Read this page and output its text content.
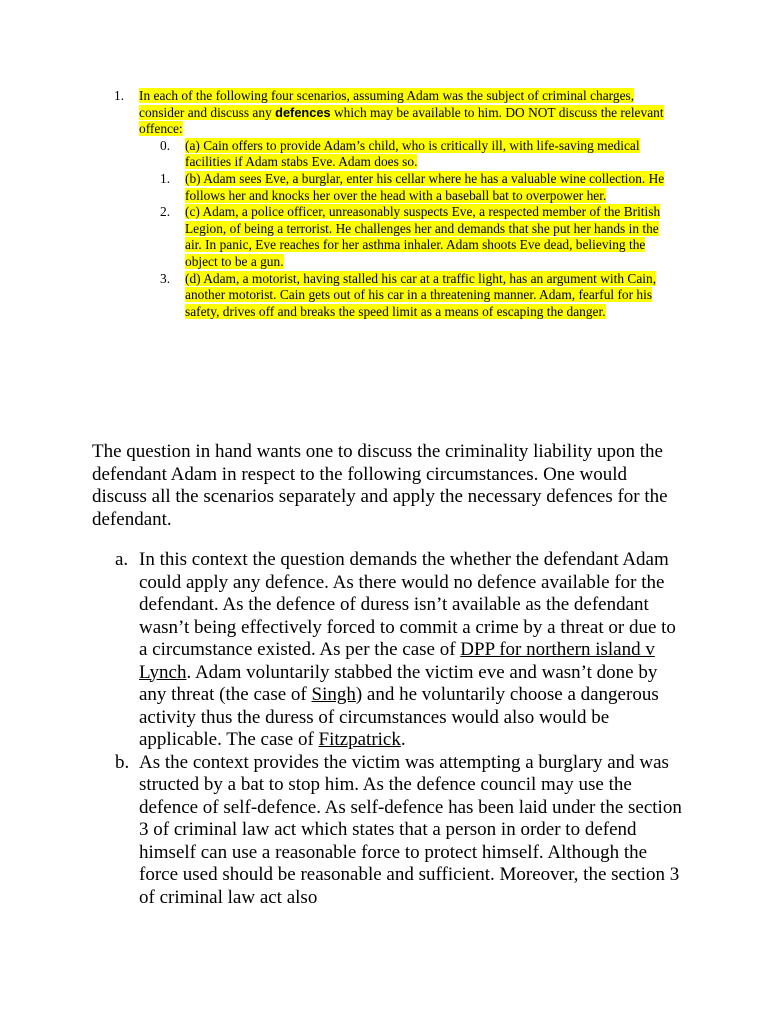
1. In each of the following four scenarios, assuming Adam was the subject of criminal charges, consider and discuss any defences which may be available to him. DO NOT discuss the relevant offence:
0. (a) Cain offers to provide Adam’s child, who is critically ill, with life-saving medical facilities if Adam stabs Eve. Adam does so.
1. (b) Adam sees Eve, a burglar, enter his cellar where he has a valuable wine collection. He follows her and knocks her over the head with a baseball bat to overpower her.
2. (c) Adam, a police officer, unreasonably suspects Eve, a respected member of the British Legion, of being a terrorist. He challenges her and demands that she put her hands in the air. In panic, Eve reaches for her asthma inhaler. Adam shoots Eve dead, believing the object to be a gun.
3. (d) Adam, a motorist, having stalled his car at a traffic light, has an argument with Cain, another motorist. Cain gets out of his car in a threatening manner. Adam, fearful for his safety, drives off and breaks the speed limit as a means of escaping the danger.

The question in hand wants one to discuss the criminality liability upon the defendant Adam in respect to the following circumstances. One would discuss all the scenarios separately and apply the necessary defences for the defendant.

a. In this context the question demands the whether the defendant Adam could apply any defence. As there would no defence available for the defendant. As the defence of duress isn’t available as the defendant wasn’t being effectively forced to commit a crime by a threat or due to a circumstance existed. As per the case of DPP for northern island v Lynch. Adam voluntarily stabbed the victim eve and wasn’t done by any threat (the case of Singh) and he voluntarily choose a dangerous activity thus the duress of circumstances would also would be applicable. The case of Fitzpatrick.
b. As the context provides the victim was attempting a burglary and was structed by a bat to stop him. As the defence council may use the defence of self-defence. As self-defence has been laid under the section 3 of criminal law act which states that a person in order to defend himself can use a reasonable force to protect himself. Although the force used should be reasonable and sufficient. Moreover, the section 3 of criminal law act also
